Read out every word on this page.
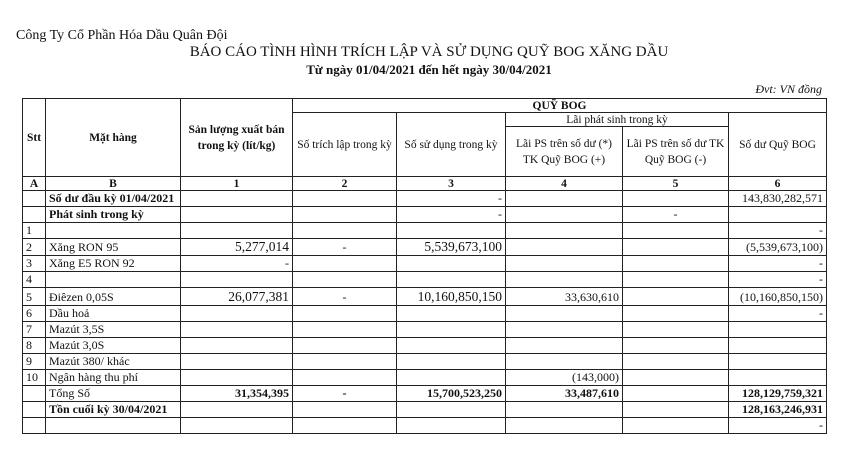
Công Ty Cổ Phần Hóa Dầu Quân Đội
BÁO CÁO TÌNH HÌNH TRÍCH LẬP VÀ SỬ DỤNG QUỸ BOG XĂNG DẦU
Từ ngày 01/04/2021 đến hết ngày 30/04/2021
Đvt: VN đồng
Stt	Mặt hàng	Sản lượng xuất bán trong kỳ (lít/kg)	QUỸ BOG				
			Số trích lập trong kỳ	Số sử dụng trong kỳ	Lãi phát sinh trong kỳ		Số dư Quỹ BOG
					Lãi PS trên số dư (*) TK Quỹ BOG (+)	Lãi PS trên số dư TK Quỹ BOG (-)	
A	B	1	2	3	4	5	6
	Số dư đầu kỳ 01/04/2021			-			143,830,282,571
	Phát sinh trong kỳ			-		-	
1							-
2	Xăng RON 95	5,277,014	-	5,539,673,100			(5,539,673,100)
3	Xăng E5 RON 92	-					-
4							-
5	Điêzen 0,05S	26,077,381	-	10,160,850,150	33,630,610		(10,160,850,150)
6	Dầu hoả						-
7	Mazút 3,5S						
8	Mazút 3,0S						
9	Mazút 380/ khác						
10	Ngân hàng thu phí				(143,000)		
	Tổng Số	31,354,395	-	15,700,523,250	33,487,610		128,129,759,321
	Tồn cuối kỳ 30/04/2021						128,163,246,931
							-
